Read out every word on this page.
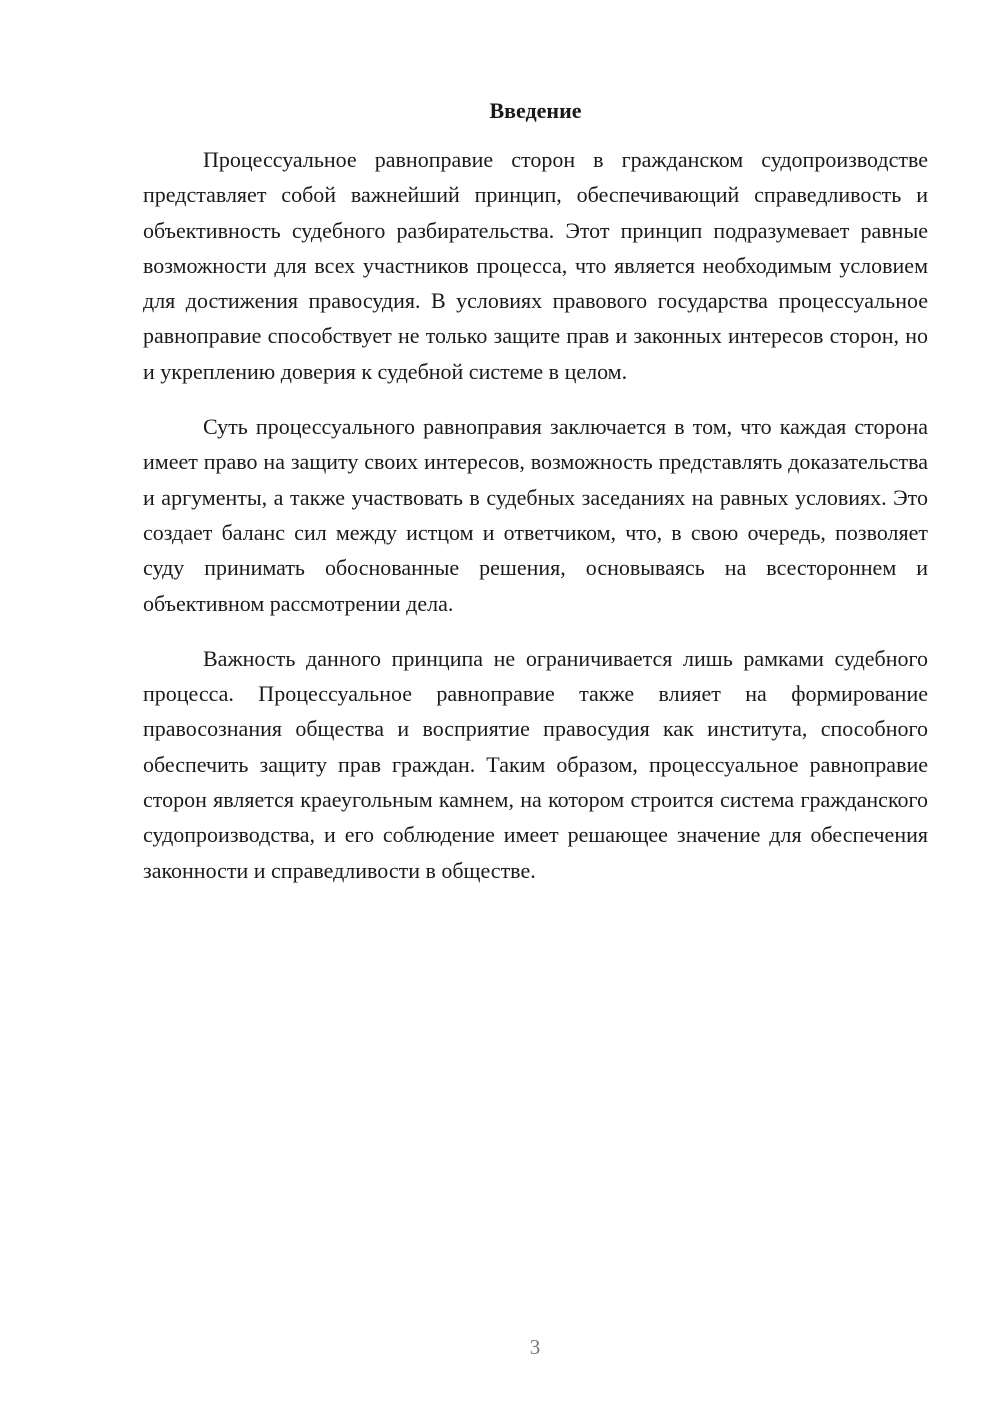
Введение

Процессуальное равноправие сторон в гражданском судопроизводстве представляет собой важнейший принцип, обеспечивающий справедливость и объективность судебного разбирательства. Этот принцип подразумевает равные возможности для всех участников процесса, что является необходимым условием для достижения правосудия. В условиях правового государства процессуальное равноправие способствует не только защите прав и законных интересов сторон, но и укреплению доверия к судебной системе в целом.

Суть процессуального равноправия заключается в том, что каждая сторона имеет право на защиту своих интересов, возможность представлять доказательства и аргументы, а также участвовать в судебных заседаниях на равных условиях. Это создает баланс сил между истцом и ответчиком, что, в свою очередь, позволяет суду принимать обоснованные решения, основываясь на всестороннем и объективном рассмотрении дела.

Важность данного принципа не ограничивается лишь рамками судебного процесса. Процессуальное равноправие также влияет на формирование правосознания общества и восприятие правосудия как института, способного обеспечить защиту прав граждан. Таким образом, процессуальное равноправие сторон является краеугольным камнем, на котором строится система гражданского судопроизводства, и его соблюдение имеет решающее значение для обеспечения законности и справедливости в обществе.

3
